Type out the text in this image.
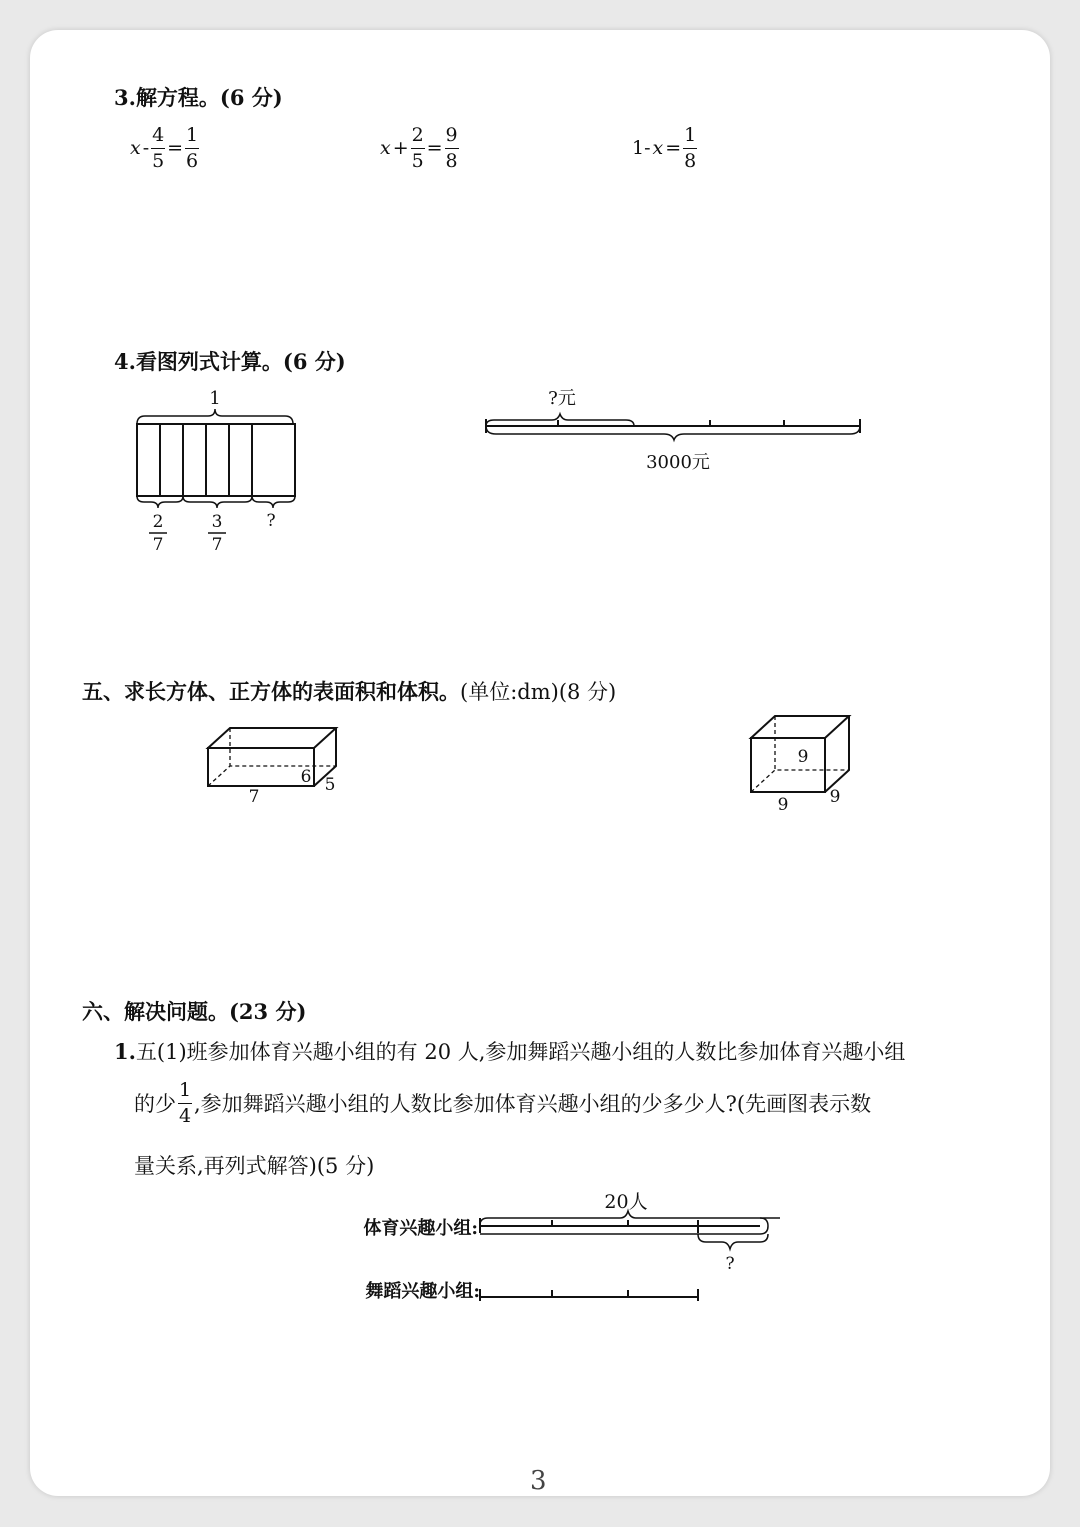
3.解方程。(6 分)
$x - \frac{4}{5} = \frac{1}{6}$	$x + \frac{2}{5} = \frac{9}{8}$	1- $x = \frac{1}{8}$
4.看图列式计算。(6 分)
1
2
7
3
7
?
?元
3000元
五、求长方体、正方体的表面积和体积。(单位:dm)(8 分)
7
6 5
9
9 9
六、解决问题。(23 分)
1.五(1)班参加体育兴趣小组的有 20 人,参加舞蹈兴趣小组的人数比参加体育兴趣小组
的少 $\frac{1}{4}$ ,参加舞蹈兴趣小组的人数比参加体育兴趣小组的少多少人?(先画图表示数
量关系,再列式解答)(5 分)
体育兴趣小组:
20人
?
舞蹈兴趣小组:
3
